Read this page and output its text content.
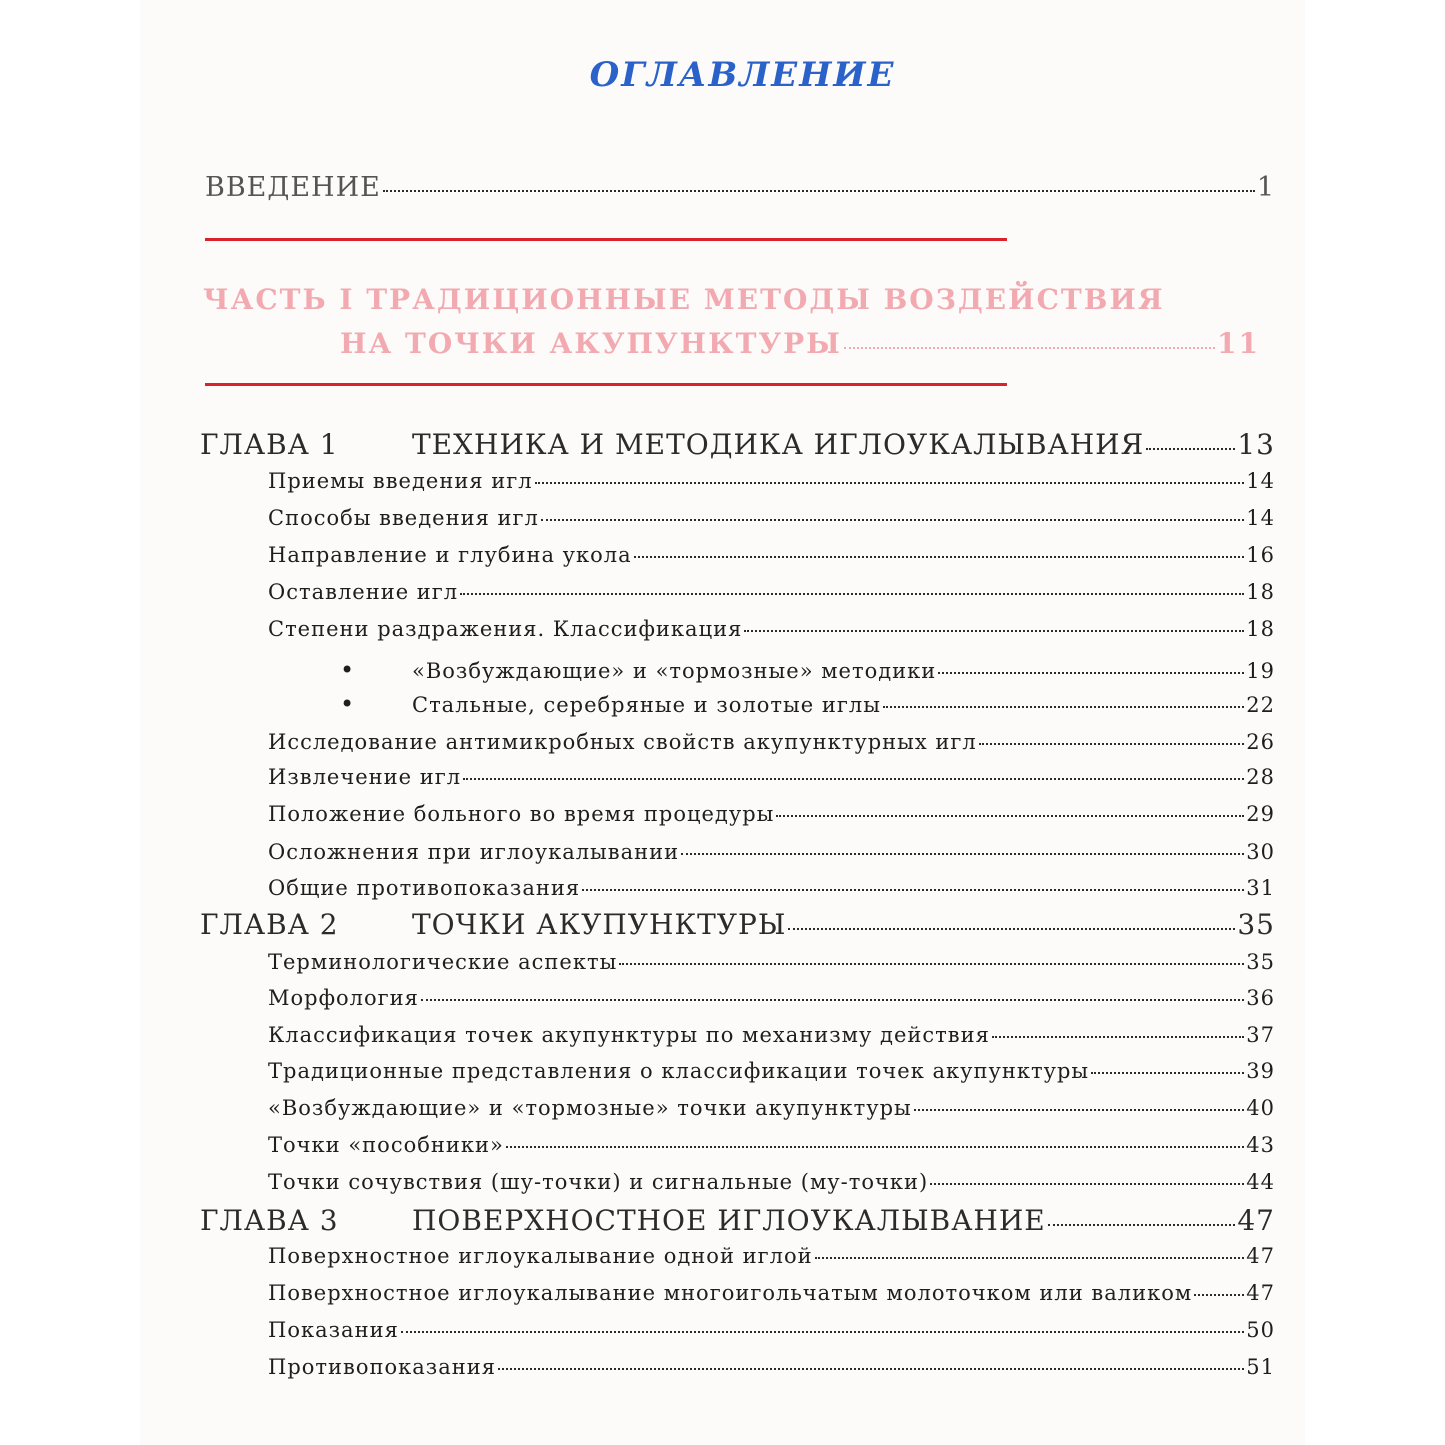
ОГЛАВЛЕНИЕ
ВВЕДЕНИЕ	1
ЧАСТЬ I ТРАДИЦИОННЫЕ МЕТОДЫ ВОЗДЕЙСТВИЯ
НА ТОЧКИ АКУПУНКТУРЫ	11
ГЛАВА 1	ТЕХНИКА И МЕТОДИКА ИГЛОУКАЛЫВАНИЯ	13
Приемы введения игл	14
Способы введения игл	14
Направление и глубина укола	16
Оставление игл	18
Степени раздражения. Классификация	18
•	«Возбуждающие» и «тормозные» методики	19
•	Стальные, серебряные и золотые иглы	22
Исследование антимикробных свойств акупунктурных игл	26
Извлечение игл	28
Положение больного во время процедуры	29
Осложнения при иглоукалывании	30
Общие противопоказания	31
ГЛАВА 2	ТОЧКИ АКУПУНКТУРЫ	35
Терминологические аспекты	35
Морфология	36
Классификация точек акупунктуры по механизму действия	37
Традиционные представления о классификации точек акупунктуры	39
«Возбуждающие» и «тормозные» точки акупунктуры	40
Точки «пособники»	43
Точки сочувствия (шу-точки) и сигнальные (му-точки)	44
ГЛАВА 3	ПОВЕРХНОСТНОЕ ИГЛОУКАЛЫВАНИЕ	47
Поверхностное иглоукалывание одной иглой	47
Поверхностное иглоукалывание многоигольчатым молоточком или валиком	47
Показания	50
Противопоказания	51
